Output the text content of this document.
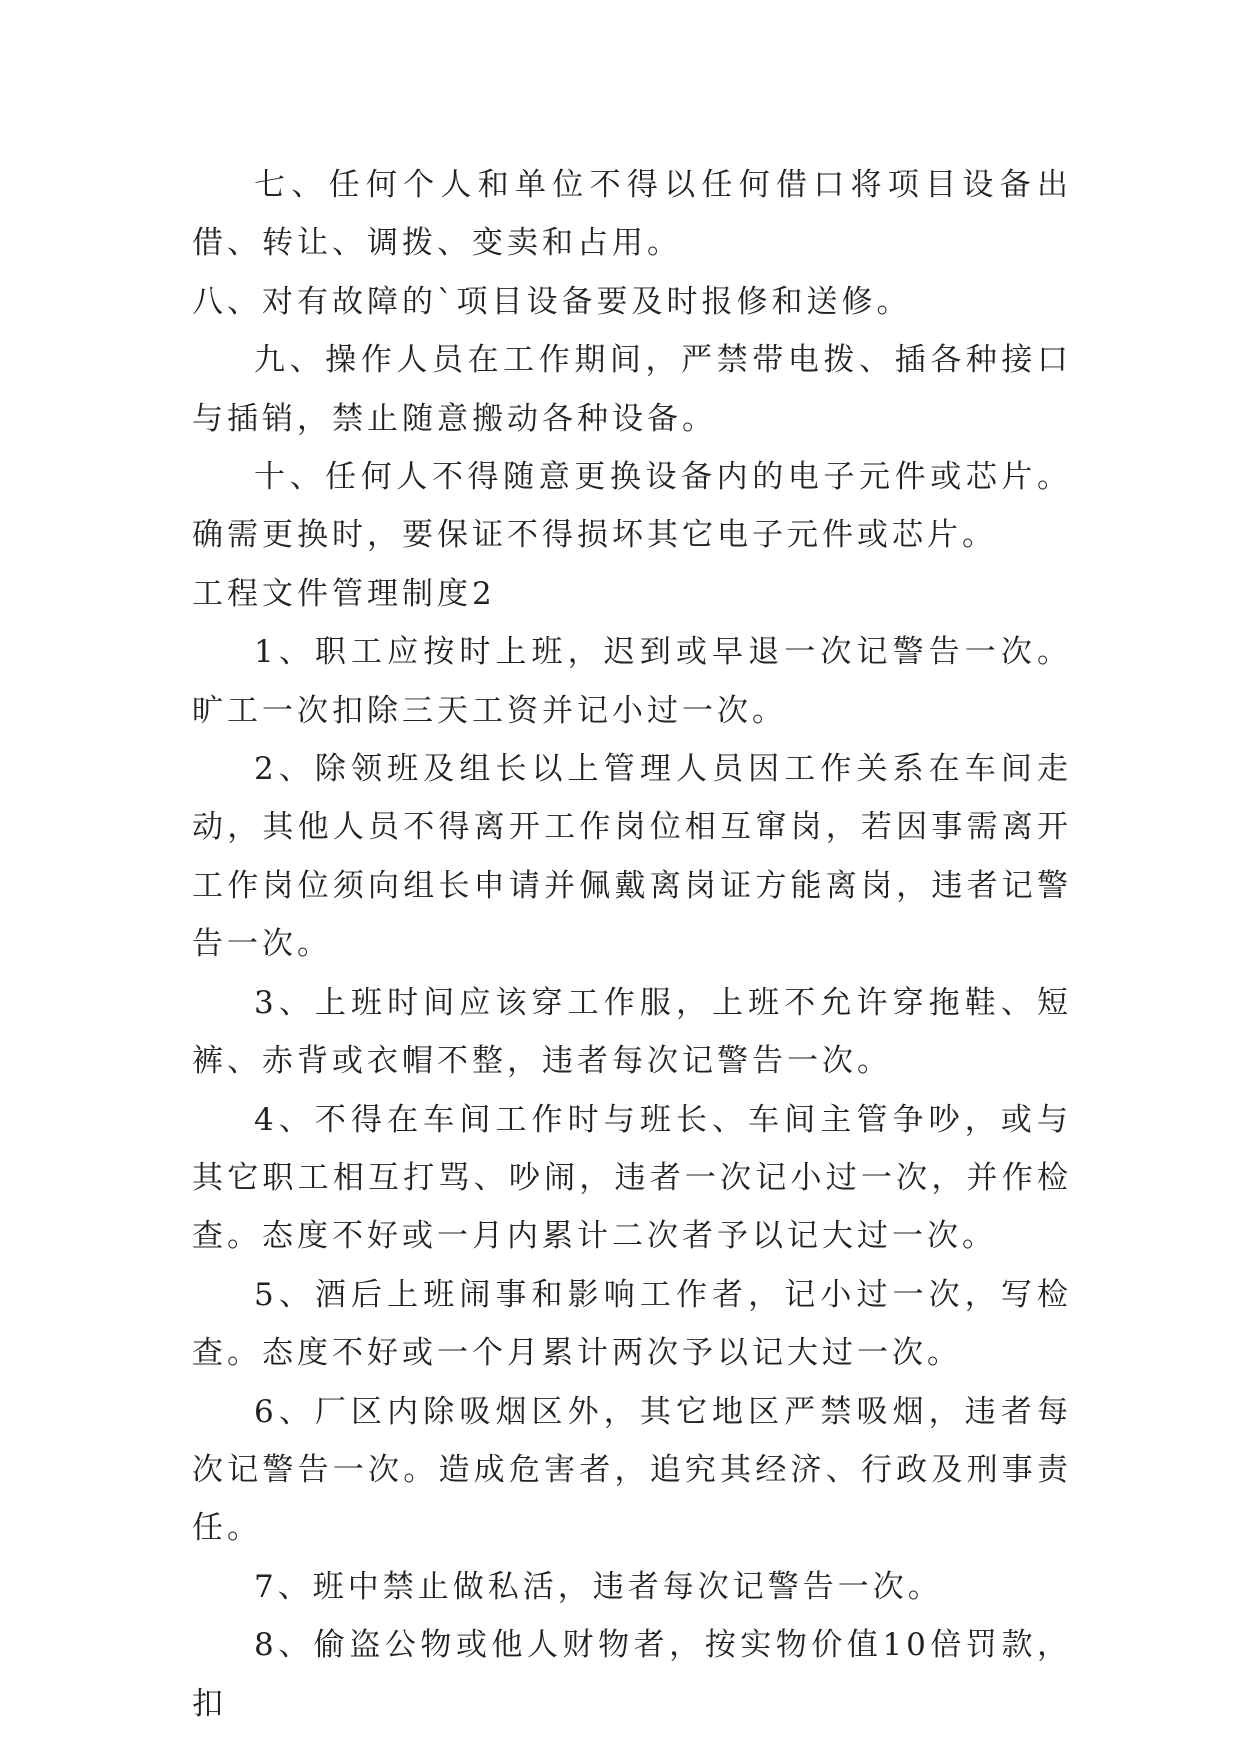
七、任何个人和单位不得以任何借口将项目设备出借、转让、调拨、变卖和占用。

八、对有故障的`项目设备要及时报修和送修。

九、操作人员在工作期间，严禁带电拨、插各种接口与插销，禁止随意搬动各种设备。

十、任何人不得随意更换设备内的电子元件或芯片。确需更换时，要保证不得损坏其它电子元件或芯片。

工程文件管理制度2

1、职工应按时上班，迟到或早退一次记警告一次。旷工一次扣除三天工资并记小过一次。

2、除领班及组长以上管理人员因工作关系在车间走动，其他人员不得离开工作岗位相互窜岗，若因事需离开工作岗位须向组长申请并佩戴离岗证方能离岗，违者记警告一次。

3、上班时间应该穿工作服，上班不允许穿拖鞋、短裤、赤背或衣帽不整，违者每次记警告一次。

4、不得在车间工作时与班长、车间主管争吵，或与其它职工相互打骂、吵闹，违者一次记小过一次，并作检查。态度不好或一月内累计二次者予以记大过一次。

5、酒后上班闹事和影响工作者，记小过一次，写检查。态度不好或一个月累计两次予以记大过一次。

6、厂区内除吸烟区外，其它地区严禁吸烟，违者每次记警告一次。造成危害者，追究其经济、行政及刑事责任。

7、班中禁止做私活，违者每次记警告一次。

8、偷盗公物或他人财物者，按实物价值10倍罚款，扣
